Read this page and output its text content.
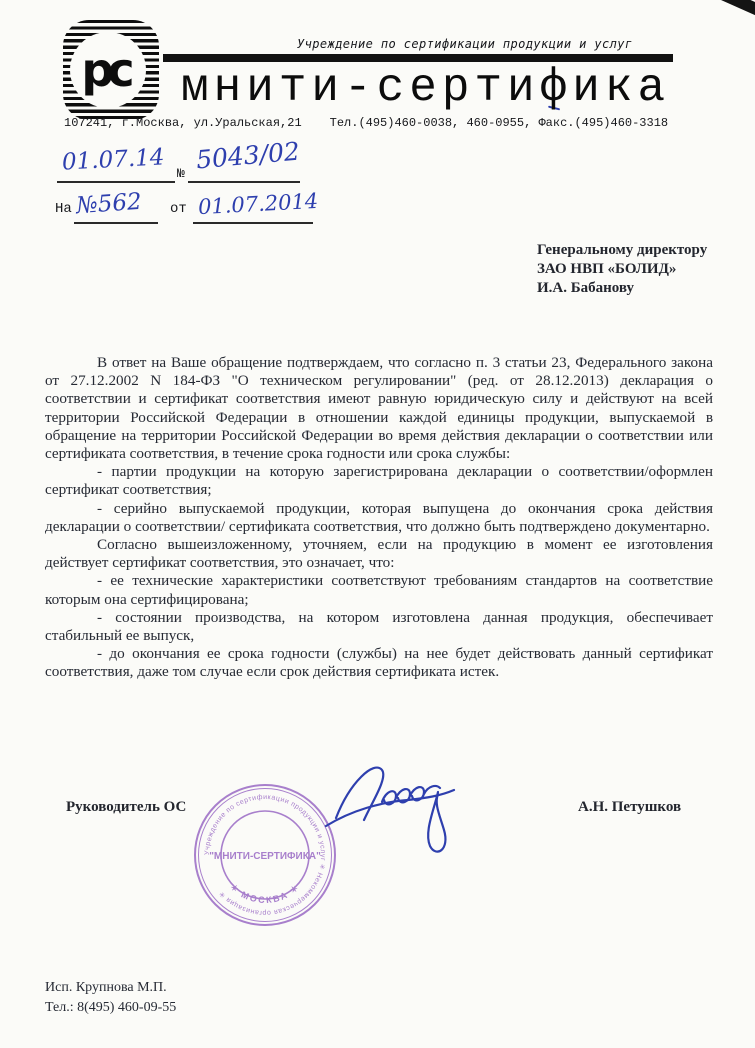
рс	Учреждение по сертификации продукции и услуг
мнити-сертифика
107241, г.Москва, ул.Уральская,21 Тел.(495)460-0038, 460-0955, Факс.(495)460-3318
01.07.14 № 5043/02
На №562 от 01.07.2014
Генеральному директору
ЗАО НВП «БОЛИД»
И.А. Бабанову

В ответ на Ваше обращение подтверждаем, что согласно п. 3 статьи 23, Федерального закона от 27.12.2002 N 184-ФЗ "О техническом регулировании" (ред. от 28.12.2013) декларация о соответствии и сертификат соответствия имеют равную юридическую силу и действуют на всей территории Российской Федерации в отношении каждой единицы продукции, выпускаемой в обращение на территории Российской Федерации во время действия декларации о соответствии или сертификата соответствия, в течение срока годности или срока службы:

- партии продукции на которую зарегистрирована декларации о соответствии/оформлен сертификат соответствия;

- серийно выпускаемой продукции, которая выпущена до окончания срока действия декларации о соответствии/ сертификата соответствия, что должно быть подтверждено документарно.

Согласно вышеизложенному, уточняем, если на продукцию в момент ее изготовления действует сертификат соответствия, это означает, что:

- ее технические характеристики соответствуют требованиям стандартов на соответствие которым она сертифицирована;

- состоянии производства, на котором изготовлена данная продукция, обеспечивает стабильный ее выпуск,

- до окончания ее срока годности (службы) на нее будет действовать данный сертификат соответствия, даже том случае если срок действия сертификата истек.

Руководитель ОС	А.Н. Петушков
Учреждение по сертификации продукции и услуг ✳ Некоммерческая организация ✳ ✶ МОСКВА ✶
"МНИТИ-СЕРТИФИКА"
Исп. Крупнова М.П.
Тел.: 8(495) 460-09-55
